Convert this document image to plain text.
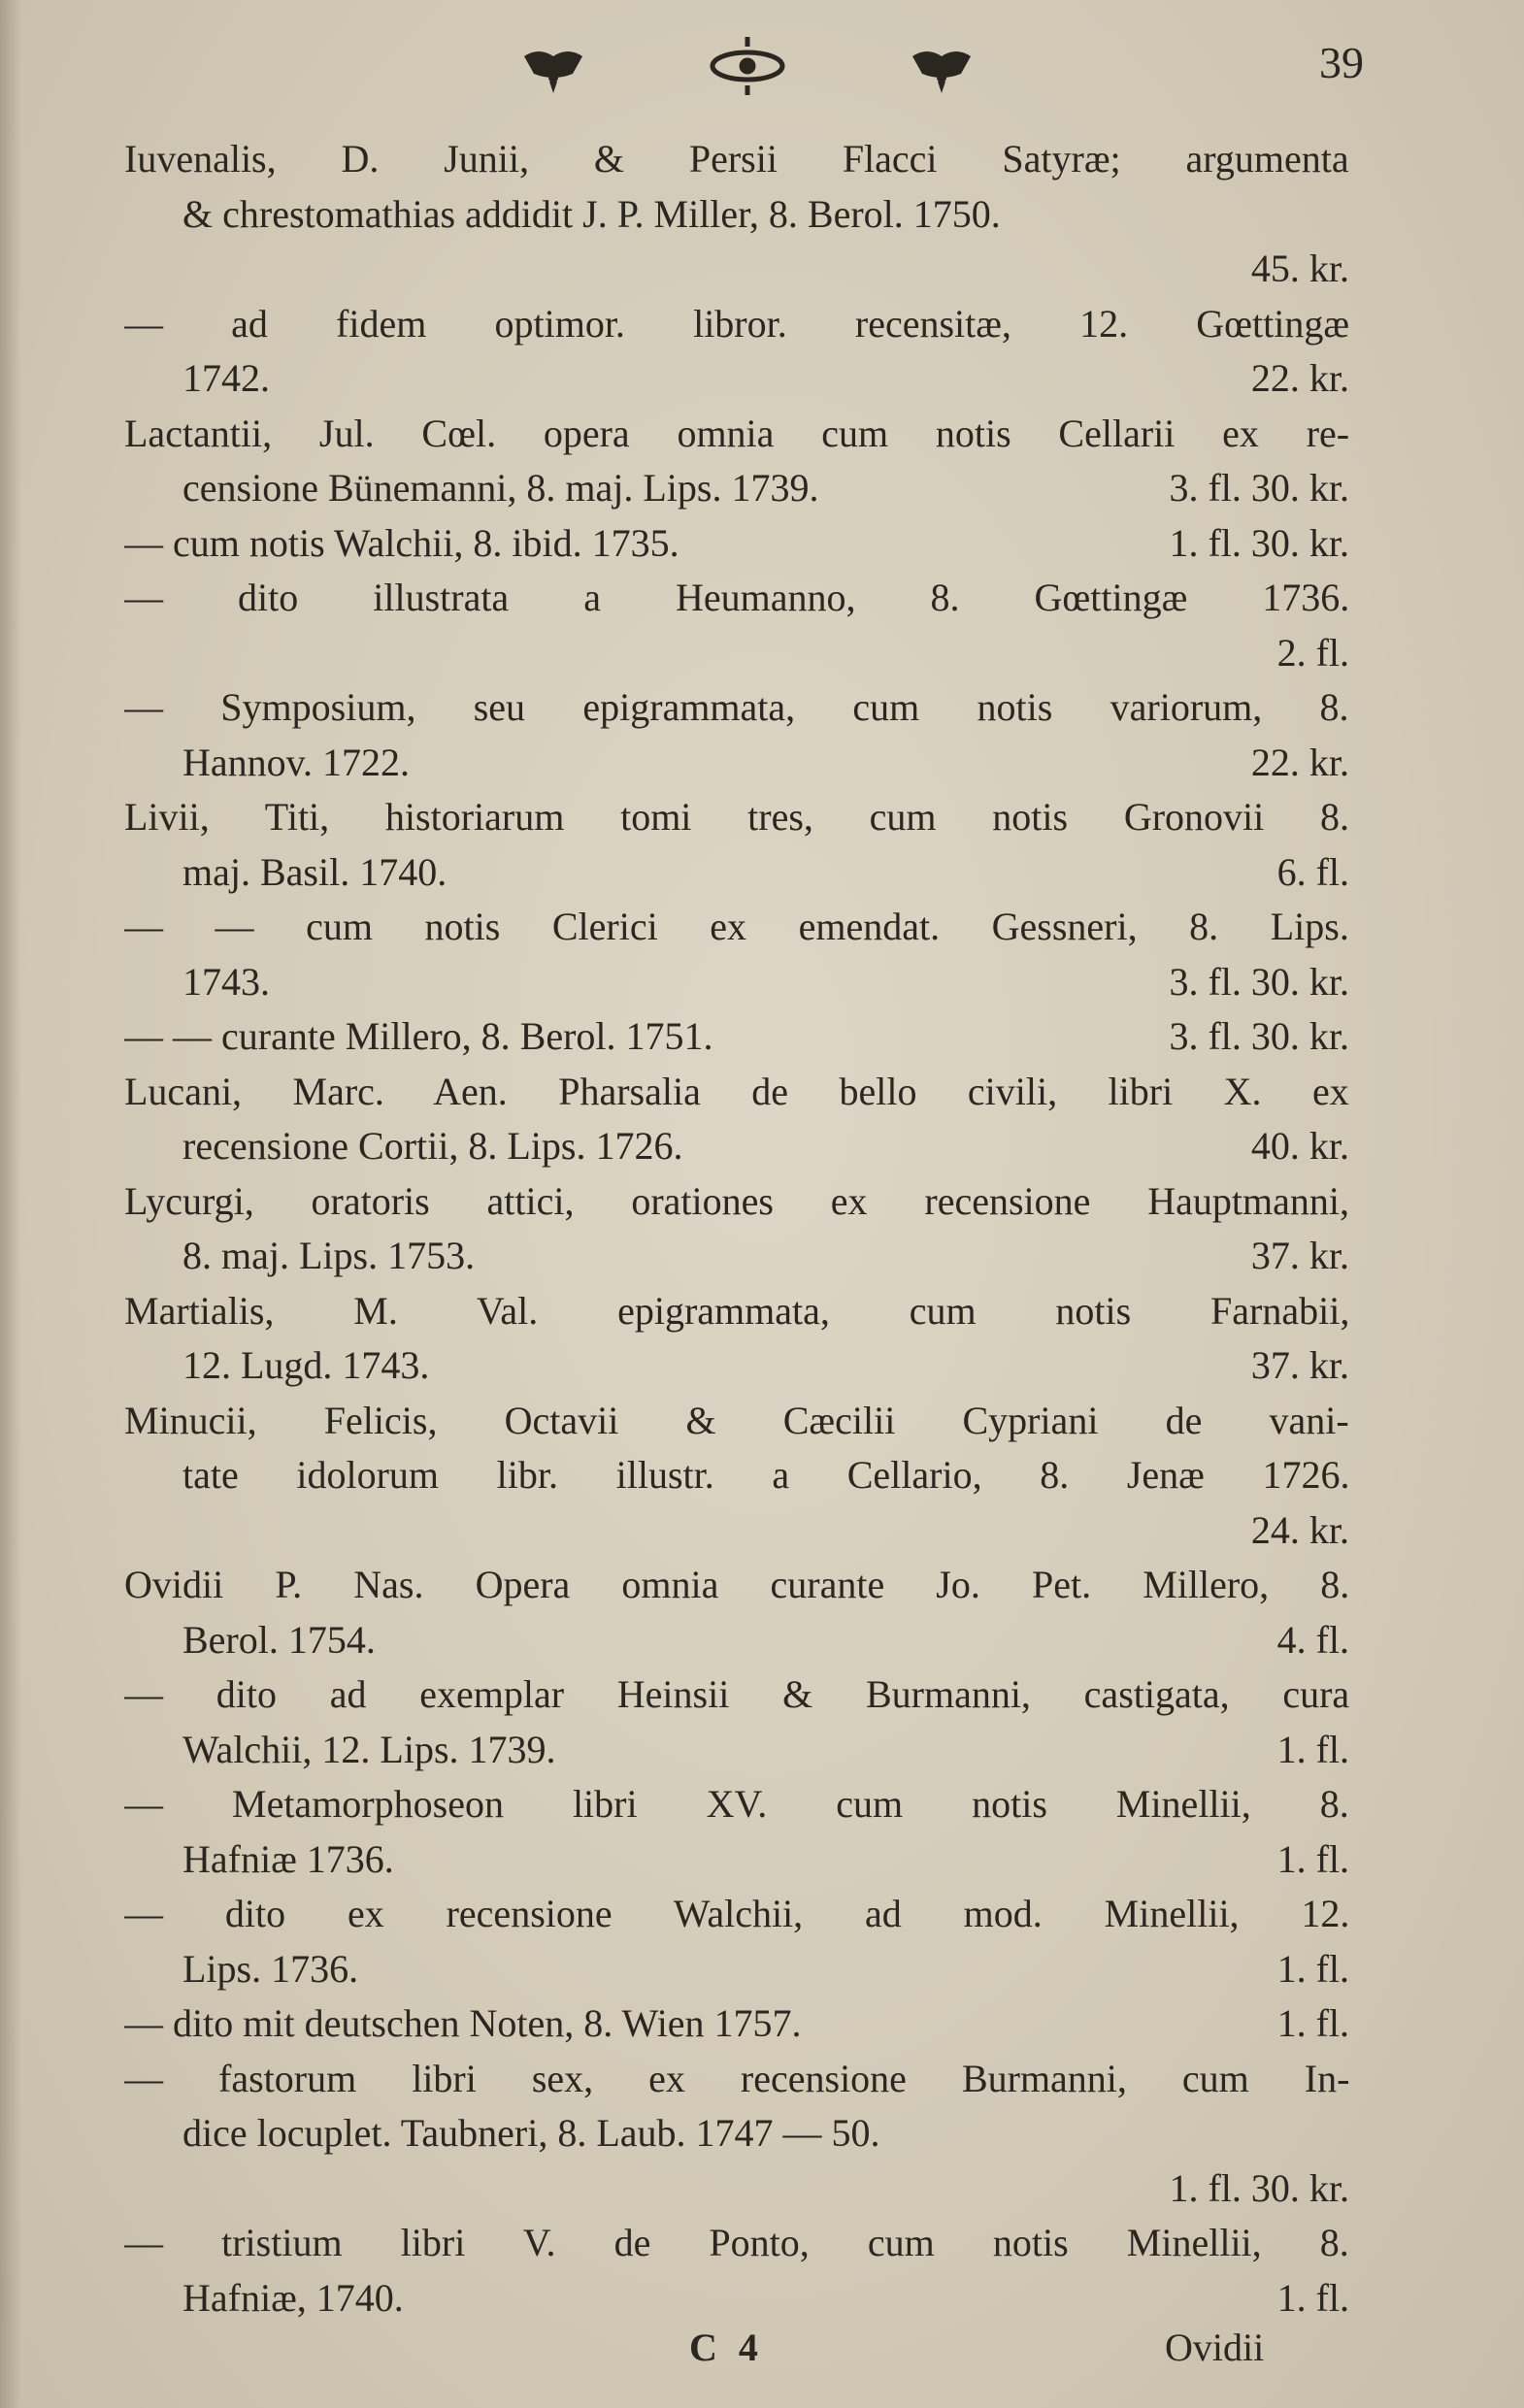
39
Iuvenalis, D. Junii, & Persii Flacci Satyræ; argumenta
& chrestomathias addidit J. P. Miller, 8. Berol. 1750.
45. kr.
— ad fidem optimor. libror. recensitæ, 12. Gœttingæ
1742.	22. kr.
Lactantii, Jul. Cœl. opera omnia cum notis Cellarii ex re-
censione Bünemanni, 8. maj. Lips. 1739.	3. fl. 30. kr.
— cum notis Walchii, 8. ibid. 1735.	1. fl. 30. kr.
— dito illustrata a Heumanno, 8. Gœttingæ 1736.
2. fl.
— Symposium, seu epigrammata, cum notis variorum, 8.
Hannov. 1722.	22. kr.
Livii, Titi, historiarum tomi tres, cum notis Gronovii 8.
maj. Basil. 1740.	6. fl.
— — cum notis Clerici ex emendat. Gessneri, 8. Lips.
1743.	3. fl. 30. kr.
— — curante Millero, 8. Berol. 1751.	3. fl. 30. kr.
Lucani, Marc. Aen. Pharsalia de bello civili, libri X. ex
recensione Cortii, 8. Lips. 1726.	40. kr.
Lycurgi, oratoris attici, orationes ex recensione Hauptmanni,
8. maj. Lips. 1753.	37. kr.
Martialis, M. Val. epigrammata, cum notis Farnabii,
12. Lugd. 1743.	37. kr.
Minucii, Felicis, Octavii & Cæcilii Cypriani de vani-
tate idolorum libr. illustr. a Cellario, 8. Jenæ 1726.
24. kr.
Ovidii P. Nas. Opera omnia curante Jo. Pet. Millero, 8.
Berol. 1754.	4. fl.
— dito ad exemplar Heinsii & Burmanni, castigata, cura
Walchii, 12. Lips. 1739.	1. fl.
— Metamorphoseon libri XV. cum notis Minellii, 8.
Hafniæ 1736.	1. fl.
— dito ex recensione Walchii, ad mod. Minellii, 12.
Lips. 1736.	1. fl.
— dito mit deutschen Noten, 8. Wien 1757.	1. fl.
— fastorum libri sex, ex recensione Burmanni, cum In-
dice locuplet. Taubneri, 8. Laub. 1747 — 50.
1. fl. 30. kr.
— tristium libri V. de Ponto, cum notis Minellii, 8.
Hafniæ, 1740.	1. fl.
C 4	Ovidii
